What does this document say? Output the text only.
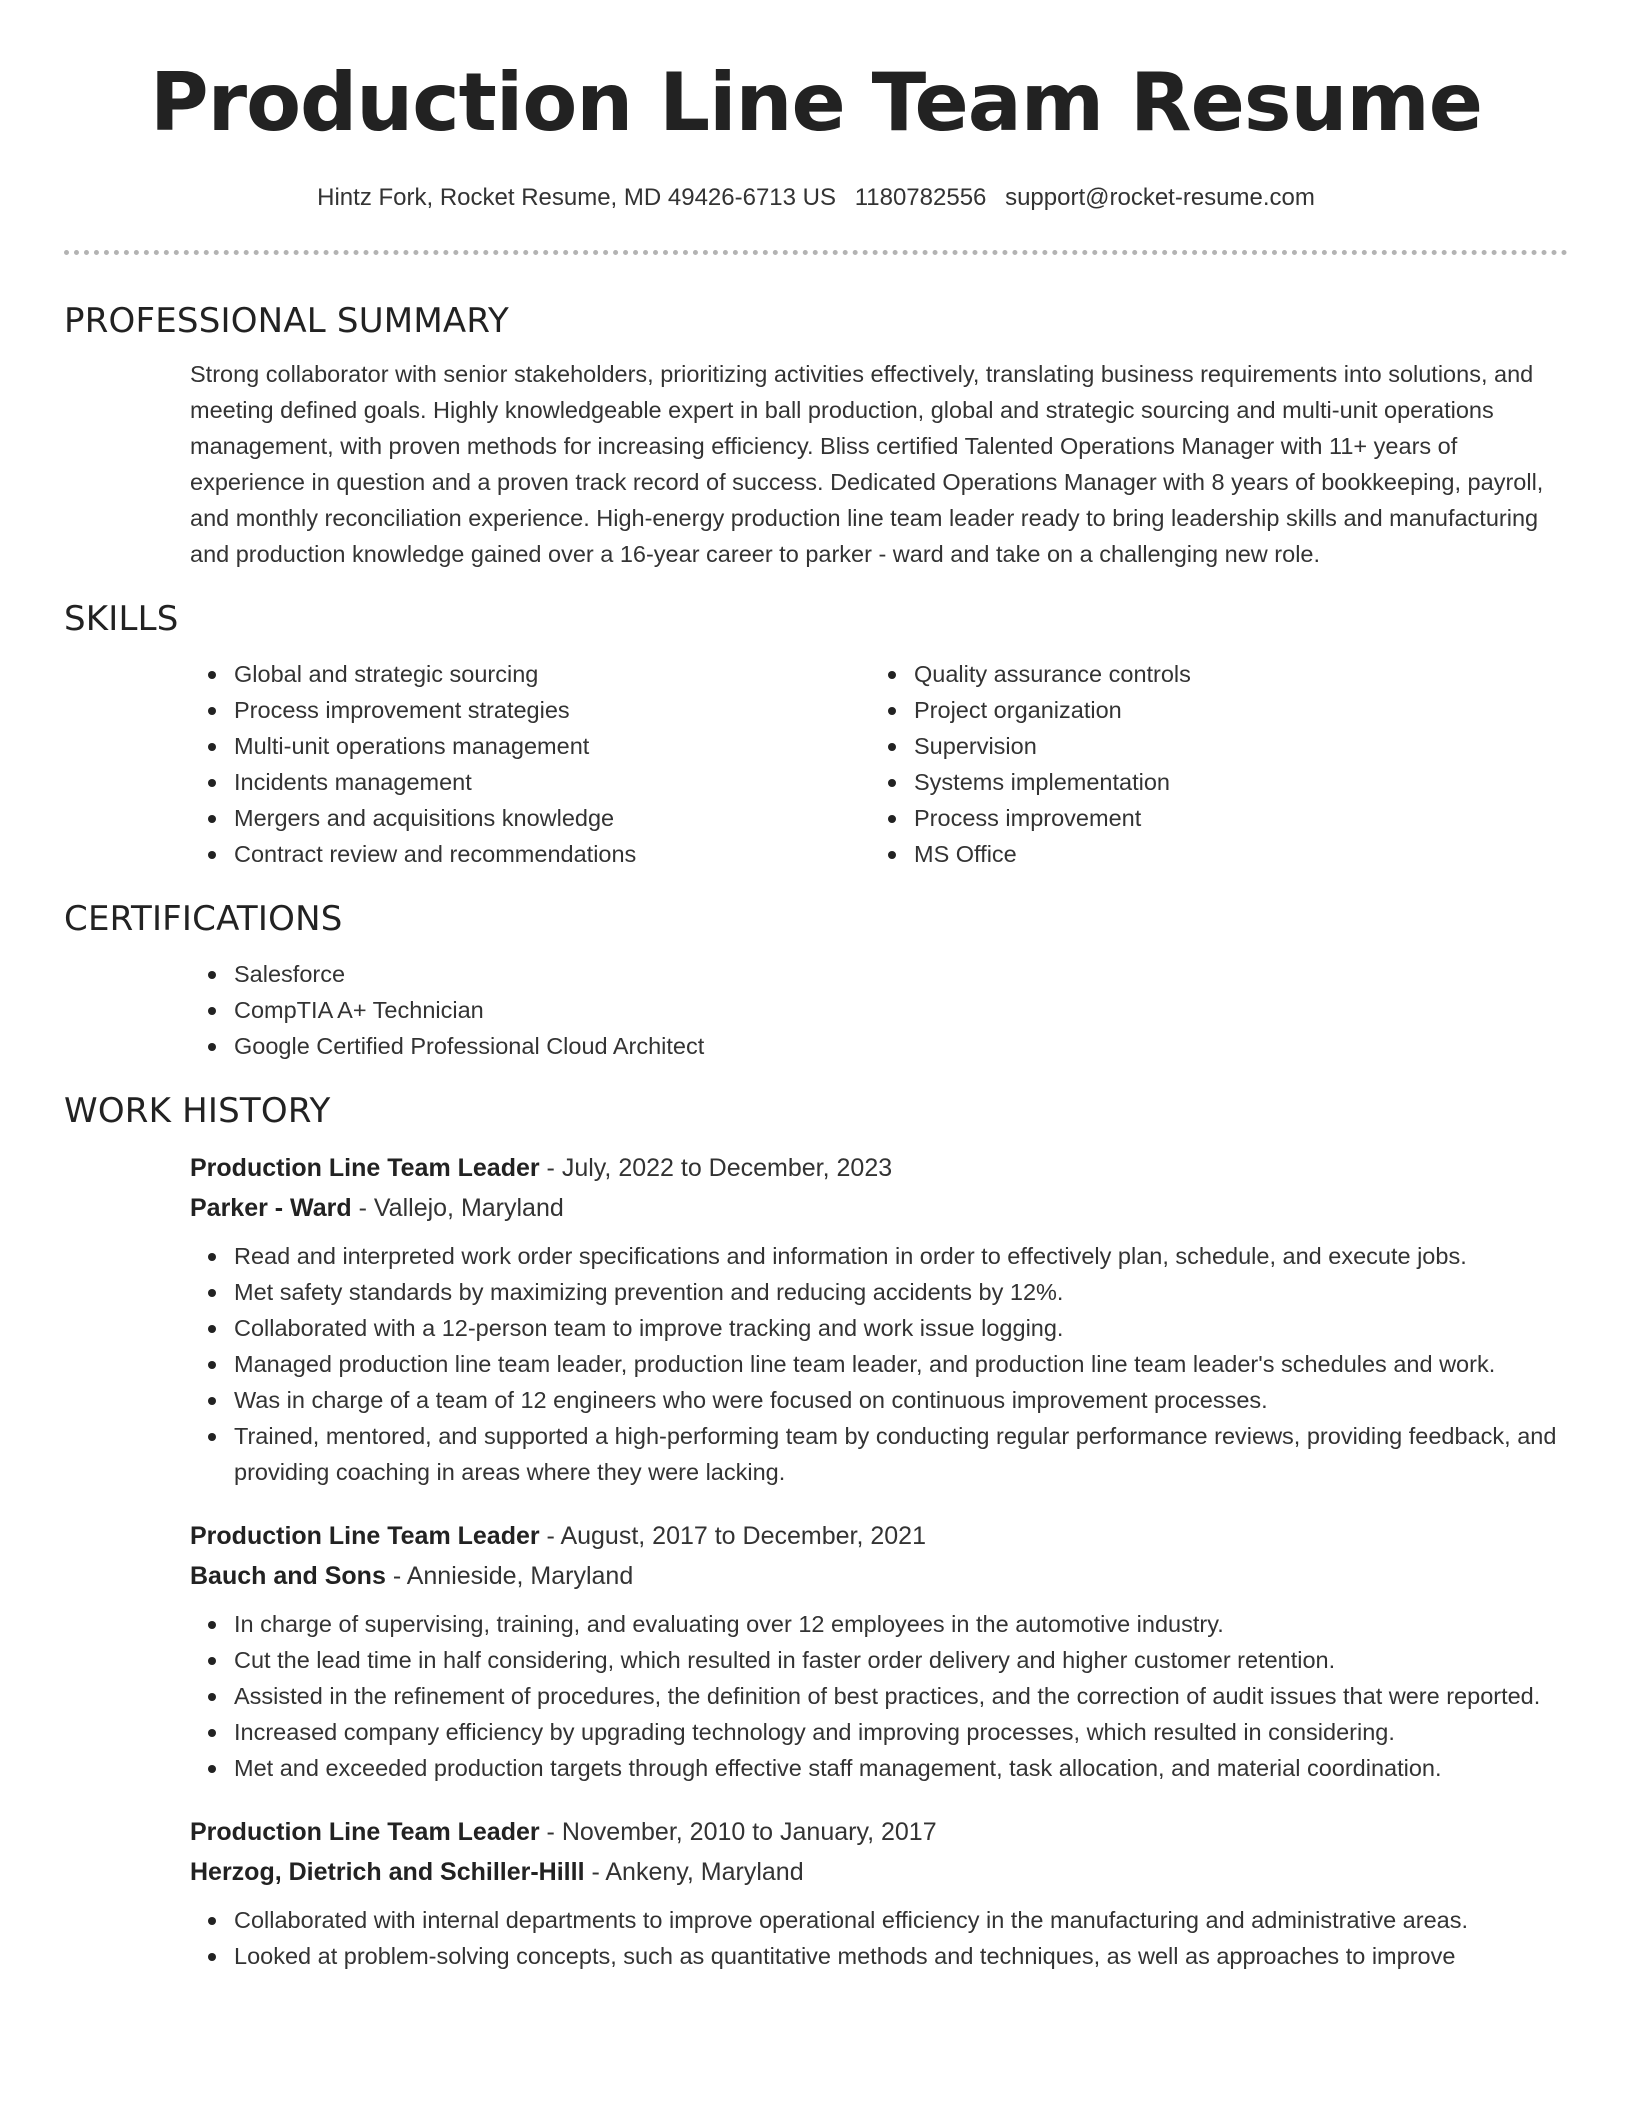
Production Line Team Resume
Hintz Fork, Rocket Resume, MD 49426-6713 US 1180782556 support@rocket-resume.com
PROFESSIONAL SUMMARY

Strong collaborator with senior stakeholders, prioritizing activities effectively, translating business requirements into solutions, and meeting defined goals. Highly knowledgeable expert in ball production, global and strategic sourcing and multi-unit operations management, with proven methods for increasing efficiency. Bliss certified Talented Operations Manager with 11+ years of experience in question and a proven track record of success. Dedicated Operations Manager with 8 years of bookkeeping, payroll, and monthly reconciliation experience. High-energy production line team leader ready to bring leadership skills and manufacturing and production knowledge gained over a 16-year career to parker - ward and take on a challenging new role.

SKILLS
Global and strategic sourcing
Process improvement strategies
Multi-unit operations management
Incidents management
Mergers and acquisitions knowledge
Contract review and recommendations
Quality assurance controls
Project organization
Supervision
Systems implementation
Process improvement
MS Office
CERTIFICATIONS
Salesforce
CompTIA A+ Technician
Google Certified Professional Cloud Architect
WORK HISTORY
Production Line Team Leader - July, 2022 to December, 2023
Parker - Ward - Vallejo, Maryland
Read and interpreted work order specifications and information in order to effectively plan, schedule, and execute jobs.
Met safety standards by maximizing prevention and reducing accidents by 12%.
Collaborated with a 12-person team to improve tracking and work issue logging.
Managed production line team leader, production line team leader, and production line team leader's schedules and work.
Was in charge of a team of 12 engineers who were focused on continuous improvement processes.
Trained, mentored, and supported a high-performing team by conducting regular performance reviews, providing feedback, and providing coaching in areas where they were lacking.
Production Line Team Leader - August, 2017 to December, 2021
Bauch and Sons - Annieside, Maryland
In charge of supervising, training, and evaluating over 12 employees in the automotive industry.
Cut the lead time in half considering, which resulted in faster order delivery and higher customer retention.
Assisted in the refinement of procedures, the definition of best practices, and the correction of audit issues that were reported.
Increased company efficiency by upgrading technology and improving processes, which resulted in considering.
Met and exceeded production targets through effective staff management, task allocation, and material coordination.
Production Line Team Leader - November, 2010 to January, 2017
Herzog, Dietrich and Schiller-Hilll - Ankeny, Maryland
Collaborated with internal departments to improve operational efficiency in the manufacturing and administrative areas.
Looked at problem-solving concepts, such as quantitative methods and techniques, as well as approaches to improve
